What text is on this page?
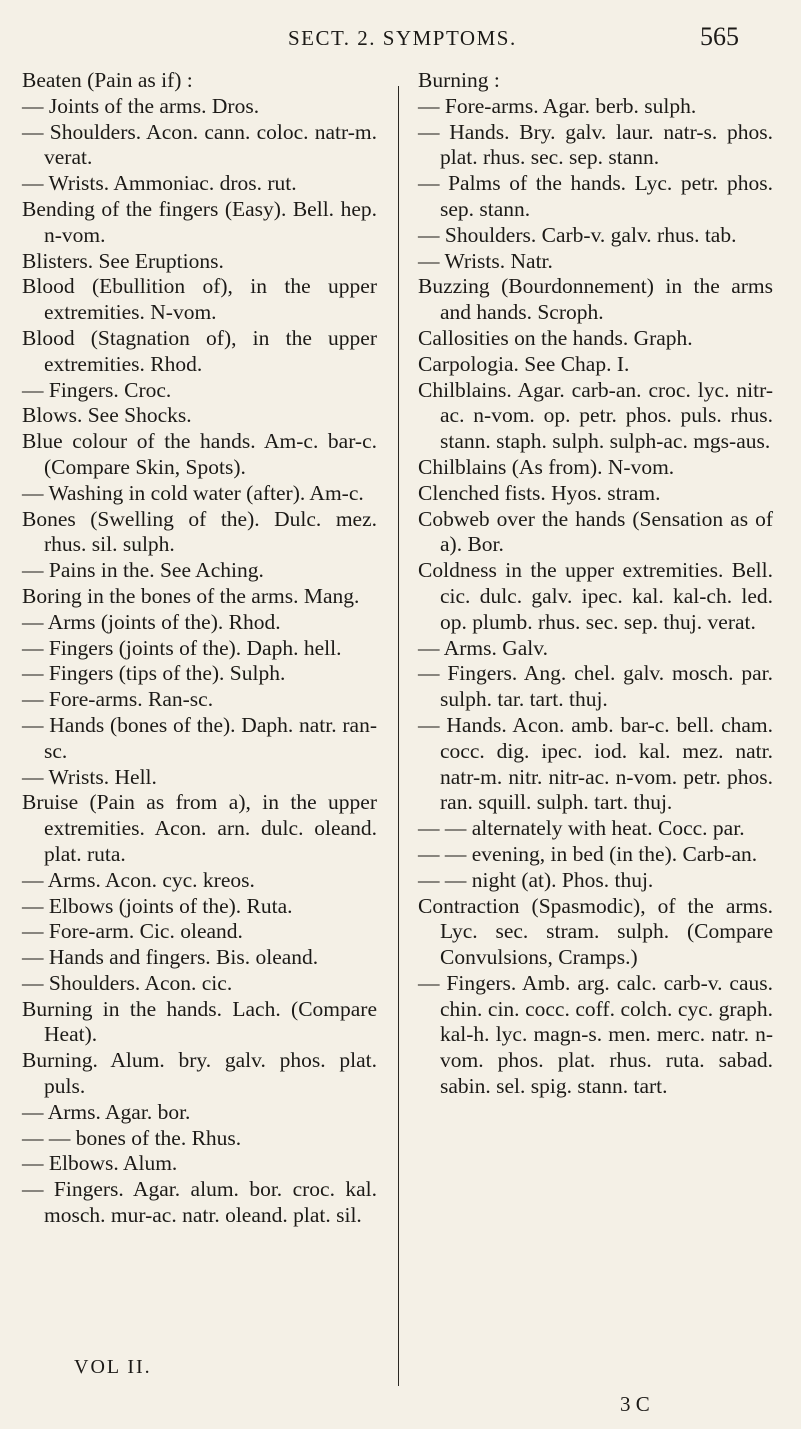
SECT. 2. SYMPTOMS.	565

Beaten (Pain as if) :

— Joints of the arms. Dros.

— Shoulders. Acon. cann. coloc. natr-m. verat.

— Wrists. Ammoniac. dros. rut.

Bending of the fingers (Easy). Bell. hep. n-vom.

Blisters. See Eruptions.

Blood (Ebullition of), in the upper extremities. N-vom.

Blood (Stagnation of), in the upper extremities. Rhod.

— Fingers. Croc.

Blows. See Shocks.

Blue colour of the hands. Am-c. bar-c. (Compare Skin, Spots).

— Washing in cold water (after). Am-c.

Bones (Swelling of the). Dulc. mez. rhus. sil. sulph.

— Pains in the. See Aching.

Boring in the bones of the arms. Mang.

— Arms (joints of the). Rhod.

— Fingers (joints of the). Daph. hell.

— Fingers (tips of the). Sulph.

— Fore-arms. Ran-sc.

— Hands (bones of the). Daph. natr. ran-sc.

— Wrists. Hell.

Bruise (Pain as from a), in the upper extremities. Acon. arn. dulc. oleand. plat. ruta.

— Arms. Acon. cyc. kreos.

— Elbows (joints of the). Ruta.

— Fore-arm. Cic. oleand.

— Hands and fingers. Bis. oleand.

— Shoulders. Acon. cic.

Burning in the hands. Lach. (Compare Heat).

Burning. Alum. bry. galv. phos. plat. puls.

— Arms. Agar. bor.

— — bones of the. Rhus.

— Elbows. Alum.

— Fingers. Agar. alum. bor. croc. kal. mosch. mur-ac. natr. oleand. plat. sil.

Burning :

— Fore-arms. Agar. berb. sulph.

— Hands. Bry. galv. laur. natr-s. phos. plat. rhus. sec. sep. stann.

— Palms of the hands. Lyc. petr. phos. sep. stann.

— Shoulders. Carb-v. galv. rhus. tab.

— Wrists. Natr.

Buzzing (Bourdonnement) in the arms and hands. Scroph.

Callosities on the hands. Graph.

Carpologia. See Chap. I.

Chilblains. Agar. carb-an. croc. lyc. nitr-ac. n-vom. op. petr. phos. puls. rhus. stann. staph. sulph. sulph-ac. mgs-aus.

Chilblains (As from). N-vom.

Clenched fists. Hyos. stram.

Cobweb over the hands (Sensation as of a). Bor.

Coldness in the upper extremities. Bell. cic. dulc. galv. ipec. kal. kal-ch. led. op. plumb. rhus. sec. sep. thuj. verat.

— Arms. Galv.

— Fingers. Ang. chel. galv. mosch. par. sulph. tar. tart. thuj.

— Hands. Acon. amb. bar-c. bell. cham. cocc. dig. ipec. iod. kal. mez. natr. natr-m. nitr. nitr-ac. n-vom. petr. phos. ran. squill. sulph. tart. thuj.

— — alternately with heat. Cocc. par.

— — evening, in bed (in the). Carb-an.

— — night (at). Phos. thuj.

Contraction (Spasmodic), of the arms. Lyc. sec. stram. sulph. (Compare Convulsions, Cramps.)

— Fingers. Amb. arg. calc. carb-v. caus. chin. cin. cocc. coff. colch. cyc. graph. kal-h. lyc. magn-s. men. merc. natr. n-vom. phos. plat. rhus. ruta. sabad. sabin. sel. spig. stann. tart.

VOL II.
3 C
